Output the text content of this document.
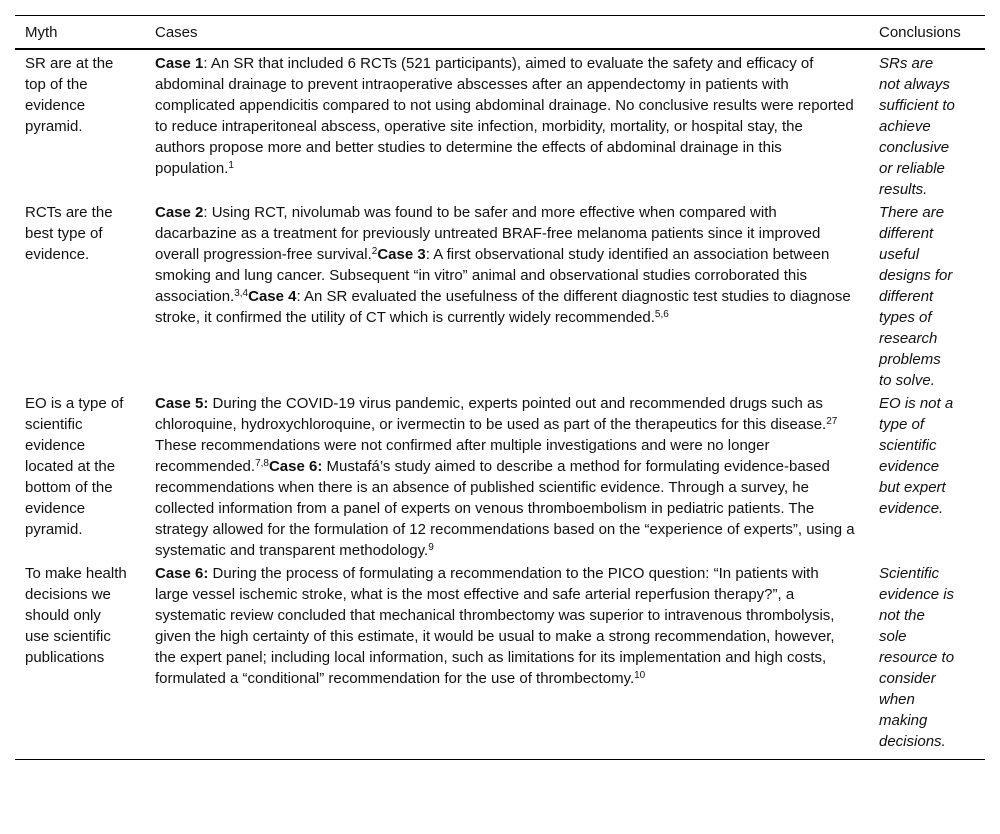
Myth	Cases	Conclusions
SR are at the top of the evidence pyramid.	Case 1: An SR that included 6 RCTs (521 participants), aimed to evaluate the safety and efficacy of abdominal drainage to prevent intraoperative abscesses after an appendectomy in patients with complicated appendicitis compared to not using abdominal drainage. No conclusive results were reported to reduce intraperitoneal abscess, operative site infection, morbidity, mortality, or hospital stay, the authors propose more and better studies to determine the effects of abdominal drainage in this population.$^1$	SRs are not always sufficient to achieve conclusive or reliable results.
RCTs are the best type of evidence.	Case 2: Using RCT, nivolumab was found to be safer and more effective when compared with dacarbazine as a treatment for previously untreated BRAF-free melanoma patients since it improved overall progression-free survival.$^2$Case 3: A first observational study identified an association between smoking and lung cancer. Subsequent “in vitro” animal and observational studies corroborated this association.$^{3,4}$Case 4: An SR evaluated the usefulness of the different diagnostic test studies to diagnose stroke, it confirmed the utility of CT which is currently widely recommended.$^{5,6}$	There are different useful designs for different types of research problems to solve.
EO is a type of scientific evidence located at the bottom of the evidence pyramid.	Case 5: During the COVID-19 virus pandemic, experts pointed out and recommended drugs such as chloroquine, hydroxychloroquine, or ivermectin to be used as part of the therapeutics for this disease.$^{27}$ These recommendations were not confirmed after multiple investigations and were no longer recommended.$^{7,8}$Case 6: Mustafá’s study aimed to describe a method for formulating evidence-based recommendations when there is an absence of published scientific evidence. Through a survey, he collected information from a panel of experts on venous thromboembolism in pediatric patients. The strategy allowed for the formulation of 12 recommendations based on the “experience of experts”, using a systematic and transparent methodology.$^9$	EO is not a type of scientific evidence but expert evidence.
To make health decisions we should only use scientific publications	Case 6: During the process of formulating a recommendation to the PICO question: “In patients with large vessel ischemic stroke, what is the most effective and safe arterial reperfusion therapy?”, a systematic review concluded that mechanical thrombectomy was superior to intravenous thrombolysis, given the high certainty of this estimate, it would be usual to make a strong recommendation, however, the expert panel; including local information, such as limitations for its implementation and high costs, formulated a “conditional” recommendation for the use of thrombectomy.$^{10}$	Scientific evidence is not the sole resource to consider when making decisions.
